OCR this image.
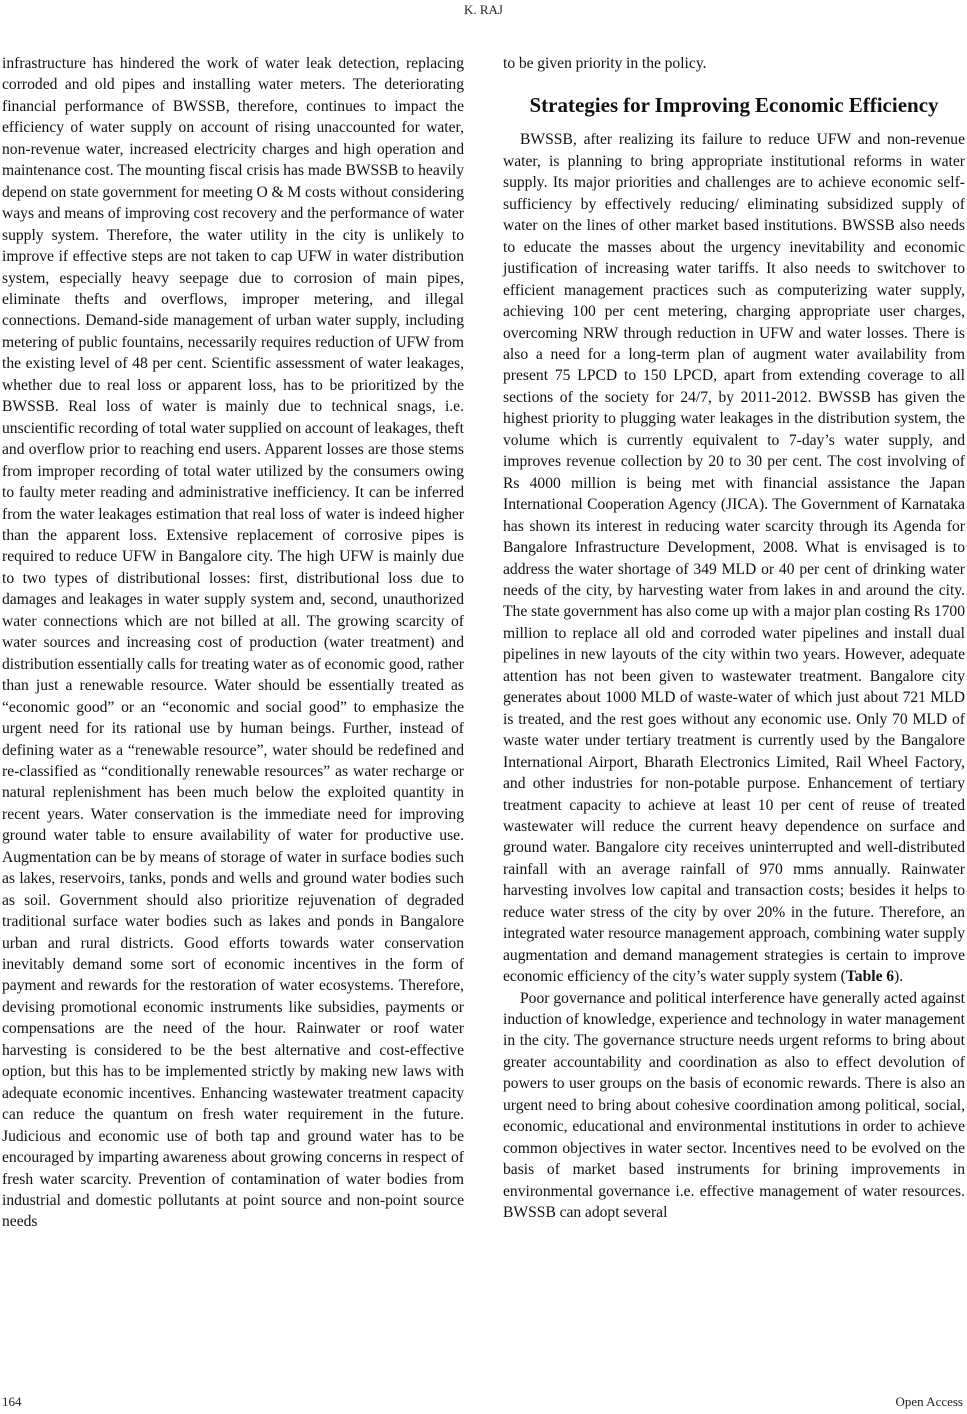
K. RAJ

infrastructure has hindered the work of water leak detection, replacing corroded and old pipes and installing water meters. The deteriorating financial performance of BWSSB, therefore, continues to impact the efficiency of water supply on account of rising unaccounted for water, non-revenue water, increased electricity charges and high operation and maintenance cost. The mounting fiscal crisis has made BWSSB to heavily depend on state government for meeting O & M costs without considering ways and means of improving cost recovery and the performance of water supply system. Therefore, the water utility in the city is unlikely to improve if effective steps are not taken to cap UFW in water distribution system, especially heavy seepage due to corrosion of main pipes, eliminate thefts and overflows, improper metering, and illegal connections. Demand-side management of urban water supply, including metering of public fountains, necessarily requires reduction of UFW from the existing level of 48 per cent. Scientific assessment of water leakages, whether due to real loss or apparent loss, has to be prioritized by the BWSSB. Real loss of water is mainly due to technical snags, i.e. unscientific recording of total water supplied on account of leakages, theft and overflow prior to reaching end users. Apparent losses are those stems from improper recording of total water utilized by the consumers owing to faulty meter reading and administrative inefficiency. It can be inferred from the water leakages estimation that real loss of water is indeed higher than the apparent loss. Extensive replacement of corrosive pipes is required to reduce UFW in Bangalore city. The high UFW is mainly due to two types of distributional losses: first, distributional loss due to damages and leakages in water supply system and, second, unauthorized water connections which are not billed at all. The growing scarcity of water sources and increasing cost of production (water treatment) and distribution essentially calls for treating water as of economic good, rather than just a renewable resource. Water should be essentially treated as “economic good” or an “economic and social good” to emphasize the urgent need for its rational use by human beings. Further, instead of defining water as a “renewable resource”, water should be redefined and re-classified as “conditionally renewable resources” as water recharge or natural replenishment has been much below the exploited quantity in recent years. Water conservation is the immediate need for improving ground water table to ensure availability of water for productive use. Augmentation can be by means of storage of water in surface bodies such as lakes, reservoirs, tanks, ponds and wells and ground water bodies such as soil. Government should also prioritize rejuvenation of degraded traditional surface water bodies such as lakes and ponds in Bangalore urban and rural districts. Good efforts towards water conservation inevitably demand some sort of economic incentives in the form of payment and rewards for the restoration of water ecosystems. Therefore, devising promotional economic instruments like subsidies, payments or compensations are the need of the hour. Rainwater or roof water harvesting is considered to be the best alternative and cost-effective option, but this has to be implemented strictly by making new laws with adequate economic incentives. Enhancing wastewater treatment capacity can reduce the quantum on fresh water requirement in the future. Judicious and economic use of both tap and ground water has to be encouraged by imparting awareness about growing concerns in respect of fresh water scarcity. Prevention of contamination of water bodies from industrial and domestic pollutants at point source and non-point source needs

to be given priority in the policy.

Strategies for Improving Economic Efficiency

BWSSB, after realizing its failure to reduce UFW and non-revenue water, is planning to bring appropriate institutional reforms in water supply. Its major priorities and challenges are to achieve economic self-sufficiency by effectively reducing/ eliminating subsidized supply of water on the lines of other market based institutions. BWSSB also needs to educate the masses about the urgency inevitability and economic justification of increasing water tariffs. It also needs to switchover to efficient management practices such as computerizing water supply, achieving 100 per cent metering, charging appropriate user charges, overcoming NRW through reduction in UFW and water losses. There is also a need for a long-term plan of augment water availability from present 75 LPCD to 150 LPCD, apart from extending coverage to all sections of the society for 24/7, by 2011-2012. BWSSB has given the highest priority to plugging water leakages in the distribution system, the volume which is currently equivalent to 7-day’s water supply, and improves revenue collection by 20 to 30 per cent. The cost involving of Rs 4000 million is being met with financial assistance the Japan International Cooperation Agency (JICA). The Government of Karnataka has shown its interest in reducing water scarcity through its Agenda for Bangalore Infrastructure Development, 2008. What is envisaged is to address the water shortage of 349 MLD or 40 per cent of drinking water needs of the city, by harvesting water from lakes in and around the city. The state government has also come up with a major plan costing Rs 1700 million to replace all old and corroded water pipelines and install dual pipelines in new layouts of the city within two years. However, adequate attention has not been given to wastewater treatment. Bangalore city generates about 1000 MLD of waste-water of which just about 721 MLD is treated, and the rest goes without any economic use. Only 70 MLD of waste water under tertiary treatment is currently used by the Bangalore International Airport, Bharath Electronics Limited, Rail Wheel Factory, and other industries for non-potable purpose. Enhancement of tertiary treatment capacity to achieve at least 10 per cent of reuse of treated wastewater will reduce the current heavy dependence on surface and ground water. Bangalore city receives uninterrupted and well-distributed rainfall with an average rainfall of 970 mms annually. Rainwater harvesting involves low capital and transaction costs; besides it helps to reduce water stress of the city by over 20% in the future. Therefore, an integrated water resource management approach, combining water supply augmentation and demand management strategies is certain to improve economic efficiency of the city’s water supply system (Table 6).

Poor governance and political interference have generally acted against induction of knowledge, experience and technology in water management in the city. The governance structure needs urgent reforms to bring about greater accountability and coordination as also to effect devolution of powers to user groups on the basis of economic rewards. There is also an urgent need to bring about cohesive coordination among political, social, economic, educational and environmental institutions in order to achieve common objectives in water sector. Incentives need to be evolved on the basis of market based instruments for brining improvements in environmental governance i.e. effective management of water resources. BWSSB can adopt several

164	Open Access
